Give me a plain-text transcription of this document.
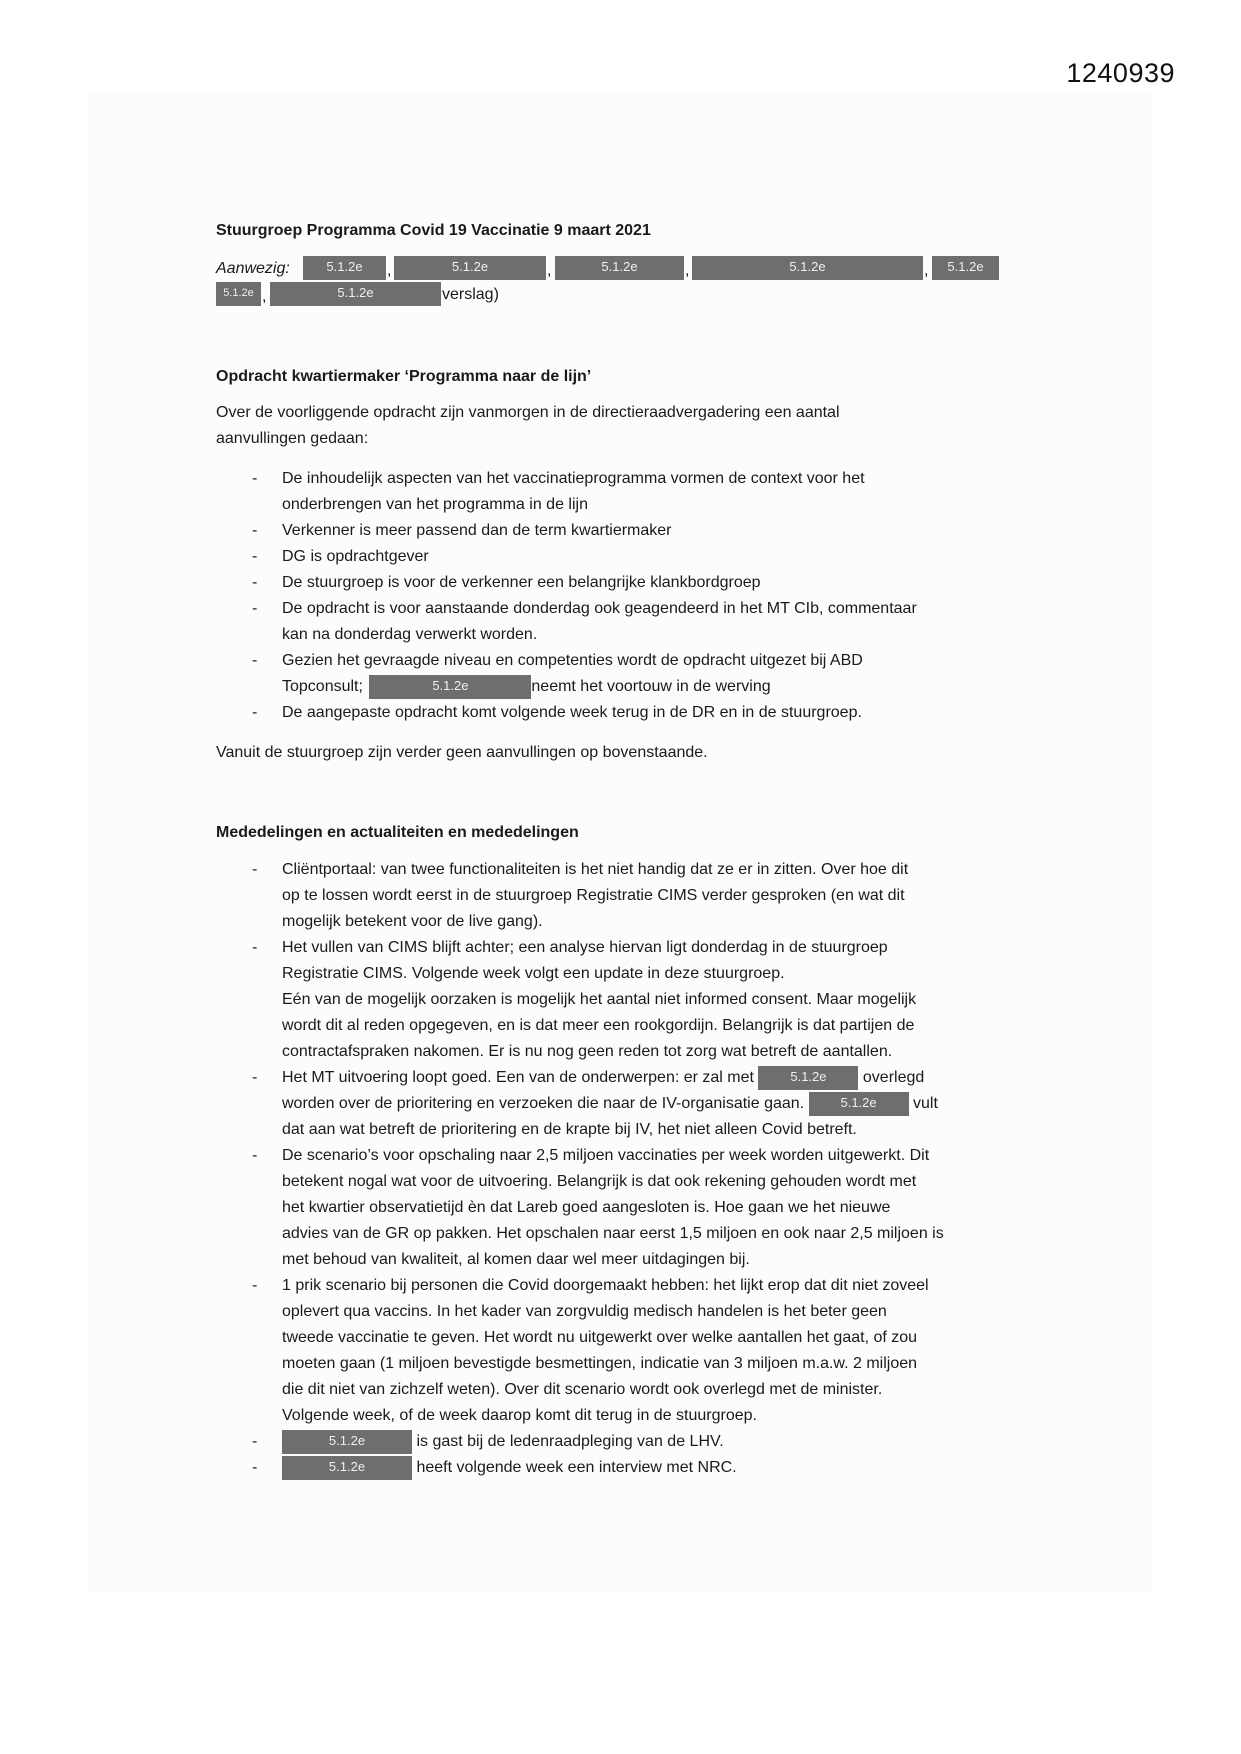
1240939
Stuurgroep Programma Covid 19 Vaccinatie 9 maart 2021
Aanwezig:	5.1.2e	,	5.1.2e	,	5.1.2e	,	5.1.2e	,	5.1.2e
5.1.2e ,	5.1.2e	verslag)
Opdracht kwartiermaker ‘Programma naar de lijn’
Over de voorliggende opdracht zijn vanmorgen in de directieraadvergadering een aantal
aanvullingen gedaan:
- De inhoudelijk aspecten van het vaccinatieprogramma vormen de context voor het
onderbrengen van het programma in de lijn
- Verkenner is meer passend dan de term kwartiermaker
- DG is opdrachtgever
- De stuurgroep is voor de verkenner een belangrijke klankbordgroep
- De opdracht is voor aanstaande donderdag ook geagendeerd in het MT CIb, commentaar
kan na donderdag verwerkt worden.
- Gezien het gevraagde niveau en competenties wordt de opdracht uitgezet bij ABD
Topconsult;	5.1.2e	neemt het voortouw in de werving
- De aangepaste opdracht komt volgende week terug in de DR en in de stuurgroep.
Vanuit de stuurgroep zijn verder geen aanvullingen op bovenstaande.
Mededelingen en actualiteiten en mededelingen
- Cliëntportaal: van twee functionaliteiten is het niet handig dat ze er in zitten. Over hoe dit
op te lossen wordt eerst in de stuurgroep Registratie CIMS verder gesproken (en wat dit
mogelijk betekent voor de live gang).
- Het vullen van CIMS blijft achter; een analyse hiervan ligt donderdag in de stuurgroep
Registratie CIMS. Volgende week volgt een update in deze stuurgroep.
Eén van de mogelijk oorzaken is mogelijk het aantal niet informed consent. Maar mogelijk
wordt dit al reden opgegeven, en is dat meer een rookgordijn. Belangrijk is dat partijen de
contractafspraken nakomen. Er is nu nog geen reden tot zorg wat betreft de aantallen.
- Het MT uitvoering loopt goed. Een van de onderwerpen: er zal met	5.1.2e overlegd
worden over de prioritering en verzoeken die naar de IV-organisatie gaan.	5.1.2e vult
dat aan wat betreft de prioritering en de krapte bij IV, het niet alleen Covid betreft.
- De scenario’s voor opschaling naar 2,5 miljoen vaccinaties per week worden uitgewerkt. Dit
betekent nogal wat voor de uitvoering. Belangrijk is dat ook rekening gehouden wordt met
het kwartier observatietijd èn dat Lareb goed aangesloten is. Hoe gaan we het nieuwe
advies van de GR op pakken. Het opschalen naar eerst 1,5 miljoen en ook naar 2,5 miljoen is
met behoud van kwaliteit, al komen daar wel meer uitdagingen bij.
- 1 prik scenario bij personen die Covid doorgemaakt hebben: het lijkt erop dat dit niet zoveel
oplevert qua vaccins. In het kader van zorgvuldig medisch handelen is het beter geen
tweede vaccinatie te geven. Het wordt nu uitgewerkt over welke aantallen het gaat, of zou
moeten gaan (1 miljoen bevestigde besmettingen, indicatie van 3 miljoen m.a.w. 2 miljoen
die dit niet van zichzelf weten). Over dit scenario wordt ook overlegd met de minister.
Volgende week, of de week daarop komt dit terug in de stuurgroep.
-	5.1.2e	is gast bij de ledenraadpleging van de LHV.
-	5.1.2e	heeft volgende week een interview met NRC.
